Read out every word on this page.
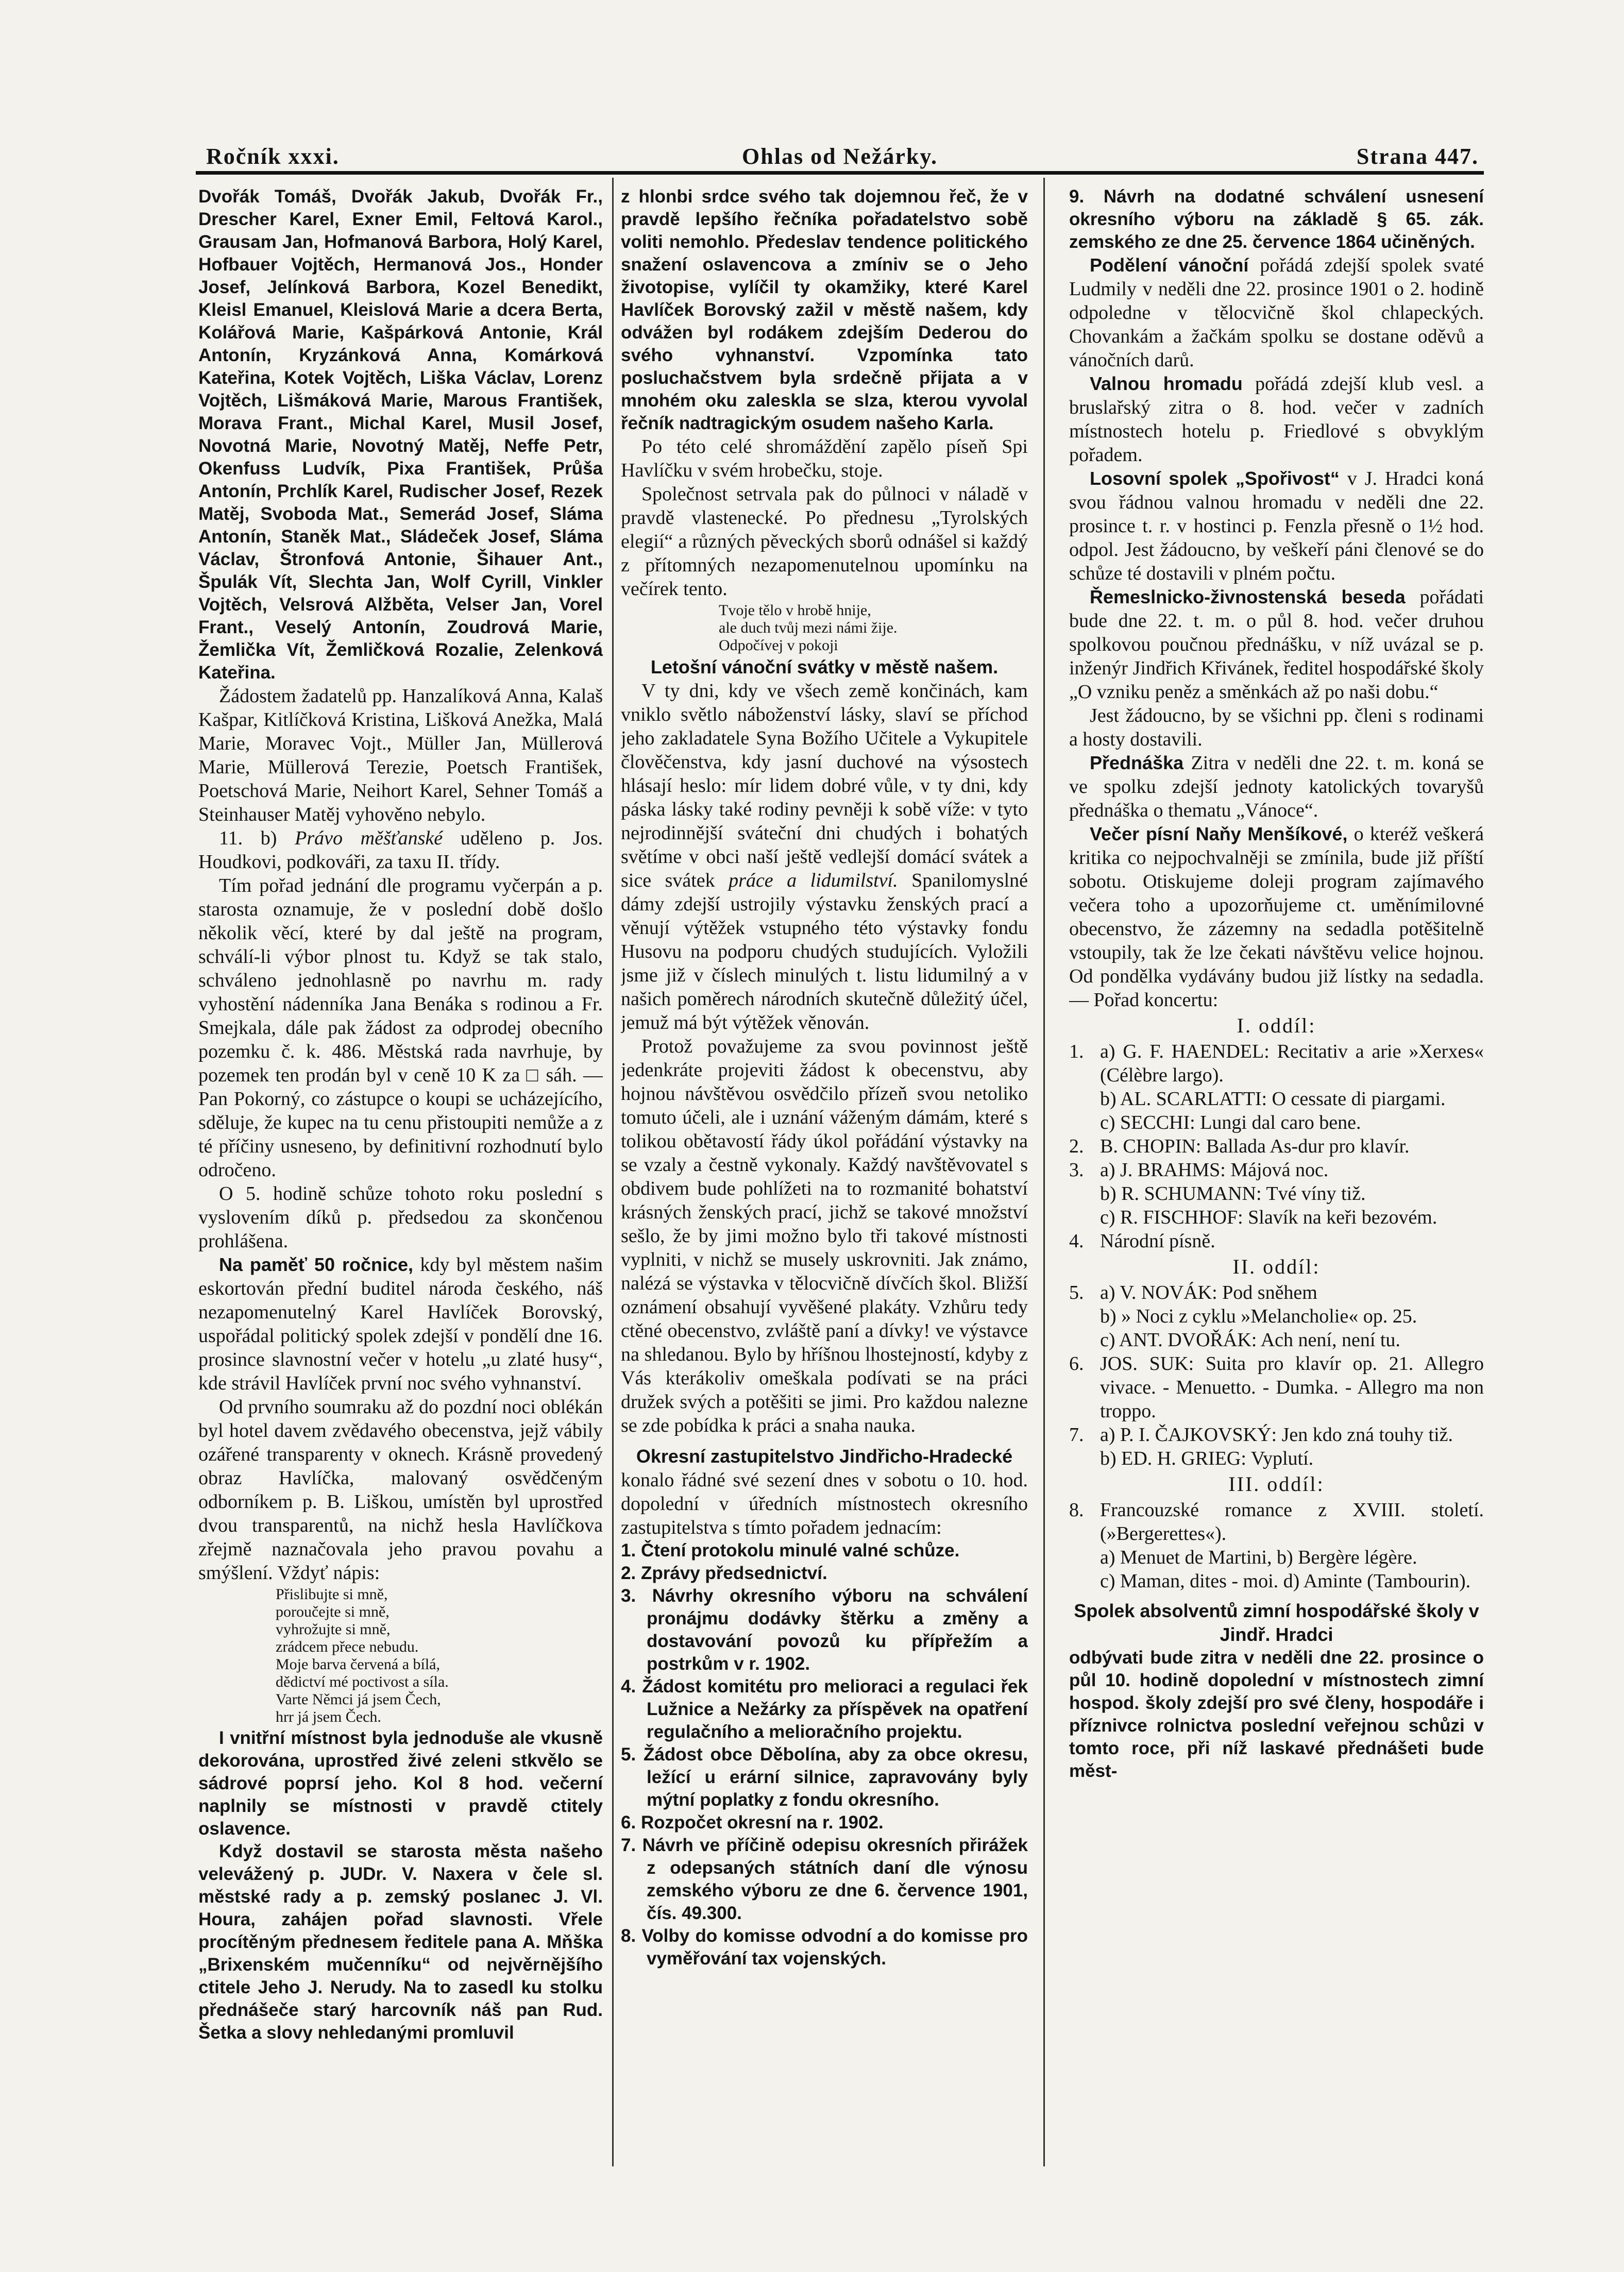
Ročník xxxi.	Ohlas od Nežárky.	Strana 447.

Dvořák Tomáš, Dvořák Jakub, Dvořák Fr., Drescher Karel, Exner Emil, Feltová Karol., Grausam Jan, Hofmanová Barbora, Holý Karel, Hofbauer Vojtěch, Hermanová Jos., Honder Josef, Jelínková Barbora, Kozel Benedikt, Kleisl Emanuel, Kleislová Marie a dcera Berta, Kolářová Marie, Kašpárková Antonie, Král Antonín, Kryzánková Anna, Komárková Kateřina, Kotek Vojtěch, Liška Václav, Lorenz Vojtěch, Lišmáková Marie, Marous František, Morava Frant., Michal Karel, Musil Josef, Novotná Marie, Novotný Matěj, Neffe Petr, Okenfuss Ludvík, Pixa František, Průša Antonín, Prchlík Karel, Rudischer Josef, Rezek Matěj, Svoboda Mat., Semerád Josef, Sláma Antonín, Staněk Mat., Sládeček Josef, Sláma Václav, Štronfová Antonie, Šihauer Ant., Špulák Vít, Slechta Jan, Wolf Cyrill, Vinkler Vojtěch, Velsrová Alžběta, Velser Jan, Vorel Frant., Veselý Antonín, Zoudrová Marie, Žemlička Vít, Žemličková Rozalie, Zelenková Kateřina.

Žádostem žadatelů pp. Hanzalíková Anna, Kalaš Kašpar, Kitlíčková Kristina, Lišková Anežka, Malá Marie, Moravec Vojt., Müller Jan, Müllerová Marie, Müllerová Terezie, Poetsch František, Poetschová Marie, Neihort Karel, Sehner Tomáš a Steinhauser Matěj vyhověno nebylo.

11. b) Právo měšťanské uděleno p. Jos. Houdkovi, podkováři, za taxu II. třídy.

Tím pořad jednání dle programu vyčerpán a p. starosta oznamuje, že v poslední době došlo několik věcí, které by dal ještě na program, schválí-li výbor plnost tu. Když se tak stalo, schváleno jednohlasně po navrhu m. rady vyhostění nádenníka Jana Benáka s rodinou a Fr. Smejkala, dále pak žádost za odprodej obecního pozemku č. k. 486. Městská rada navrhuje, by pozemek ten prodán byl v ceně 10 K za □ sáh. — Pan Pokorný, co zástupce o koupi se ucházejícího, sděluje, že kupec na tu cenu přistoupiti nemůže a z té příčiny usneseno, by definitivní rozhodnutí bylo odročeno.

O 5. hodině schůze tohoto roku poslední s vyslovením díků p. předsedou za skončenou prohlášena.

Na paměť 50 ročnice, kdy byl městem našim eskortován přední buditel národa českého, náš nezapomenutelný Karel Havlíček Borovský, uspořádal politický spolek zdejší v pondělí dne 16. prosince slavnostní večer v hotelu „u zlaté husy“, kde strávil Havlíček první noc svého vyhnanství.

Od prvního soumraku až do pozdní noci oblékán byl hotel davem zvědavého obecenstva, jejž vábily ozářené transparenty v oknech. Krásně provedený obraz Havlíčka, malovaný osvědčeným odborníkem p. B. Liškou, umístěn byl uprostřed dvou transparentů, na nichž hesla Havlíčkova zřejmě naznačovala jeho pravou povahu a smýšlení. Vždyť nápis:

Přislibujte si mně,
poroučejte si mně,
vyhrožujte si mně,
zrádcem přece nebudu.
Moje barva červená a bílá,
dědictví mé poctivost a síla.
Varte Němci já jsem Čech,
hrr já jsem Čech.

I vnitřní místnost byla jednoduše ale vkusně dekorována, uprostřed živé zeleni stkvělo se sádrové poprsí jeho. Kol 8 hod. večerní naplnily se místnosti v pravdě ctitely oslavence.

Když dostavil se starosta města našeho velevážený p. JUDr. V. Naxera v čele sl. městské rady a p. zemský poslanec J. Vl. Houra, zahájen pořad slavnosti. Vřele procítěným přednesem ředitele pana A. Mňška „Brixenském mučenníku“ od nejvěrnějšího ctitele Jeho J. Nerudy. Na to zasedl ku stolku přednášeče starý harcovník náš pan Rud. Šetka a slovy nehledanými promluvil

z hlonbi srdce svého tak dojemnou řeč, že v pravdě lepšího řečníka pořadatelstvo sobě voliti nemohlo. Předeslav tendence politického snažení oslavencova a zmíniv se o Jeho životopise, vylíčil ty okamžiky, které Karel Havlíček Borovský zažil v městě našem, kdy odvážen byl rodákem zdejším Dederou do svého vyhnanství. Vzpomínka tato posluchačstvem byla srdečně přijata a v mnohém oku zaleskla se slza, kterou vyvolal řečník nadtragickým osudem našeho Karla.

Po této celé shromáždění zapělo píseň Spi Havlíčku v svém hrobečku, stoje.

Společnost setrvala pak do půlnoci v náladě v pravdě vlastenecké. Po přednesu „Tyrolských elegií“ a různých pěveckých sborů odnášel si každý z přítomných nezapomenutelnou upomínku na večírek tento.

Tvoje tělo v hrobě hnije,
ale duch tvůj mezi námi žije.
Odpočívej v pokoji

Letošní vánoční svátky v městě našem.

V ty dni, kdy ve všech země končinách, kam vniklo světlo náboženství lásky, slaví se příchod jeho zakladatele Syna Božího Učitele a Vykupitele člověčenstva, kdy jasní duchové na výsostech hlásají heslo: mír lidem dobré vůle, v ty dni, kdy páska lásky také rodiny pevněji k sobě víže: v tyto nejrodinnější sváteční dni chudých i bohatých světíme v obci naší ještě vedlejší domácí svátek a sice svátek práce a lidumilství. Spanilomyslné dámy zdejší ustrojily výstavku ženských prací a věnují výtěžek vstupného této výstavky fondu Husovu na podporu chudých studujících. Vyložili jsme již v číslech minulých t. listu lidumilný a v našich poměrech národních skutečně důležitý účel, jemuž má být výtěžek věnován.

Protož považujeme za svou povinnost ještě jedenkráte projeviti žádost k obecenstvu, aby hojnou návštěvou osvědčilo přízeň svou netoliko tomuto účeli, ale i uznání váženým dámám, které s tolikou obětavostí řády úkol pořádání výstavky na se vzaly a čestně vykonaly. Každý navštěvovatel s obdivem bude pohlížeti na to rozmanité bohatství krásných ženských prací, jichž se takové množství sešlo, že by jimi možno bylo tři takové místnosti vyplniti, v nichž se musely uskrovniti. Jak známo, nalézá se výstavka v tělocvičně dívčích škol. Bližší oznámení obsahují vyvěšené plakáty. Vzhůru tedy ctěné obecenstvo, zvláště paní a dívky! ve výstavce na shledanou. Bylo by hříšnou lhostejností, kdyby z Vás kterákoliv omeškala podívati se na práci družek svých a potěšiti se jimi. Pro každou nalezne se zde pobídka k práci a snaha nauka.

Okresní zastupitelstvo Jindřicho-Hradecké

konalo řádné své sezení dnes v sobotu o 10. hod. dopolední v úředních místnostech okresního zastupitelstva s tímto pořadem jednacím:

1. Čtení protokolu minulé valné schůze.
2. Zprávy předsednictví.
3. Návrhy okresního výboru na schválení pronájmu dodávky štěrku a změny a dostavování povozů ku přípřežím a postrkům v r. 1902.
4. Žádost komitétu pro melioraci a regulaci řek Lužnice a Nežárky za příspěvek na opatření regulačního a melioračního projektu.
5. Žádost obce Děbolína, aby za obce okresu, ležící u erární silnice, zapravovány byly mýtní poplatky z fondu okresního.
6. Rozpočet okresní na r. 1902.
7. Návrh ve příčině odepisu okresních přirážek z odepsaných státních daní dle výnosu zemského výboru ze dne 6. července 1901, čís. 49.300.
8. Volby do komisse odvodní a do komisse pro vyměřování tax vojenských.

9. Návrh na dodatné schválení usnesení okresního výboru na základě § 65. zák. zemského ze dne 25. července 1864 učiněných.

Podělení vánoční pořádá zdejší spolek svaté Ludmily v neděli dne 22. prosince 1901 o 2. hodině odpoledne v tělocvičně škol chlapeckých. Chovankám a žačkám spolku se dostane oděvů a vánočních darů.

Valnou hromadu pořádá zdejší klub vesl. a bruslařský zitra o 8. hod. večer v zadních místnostech hotelu p. Friedlové s obvyklým pořadem.

Losovní spolek „Spořivost“ v J. Hradci koná svou řádnou valnou hromadu v neděli dne 22. prosince t. r. v hostinci p. Fenzla přesně o 1½ hod. odpol. Jest žádoucno, by veškeří páni členové se do schůze té dostavili v plném počtu.

Řemeslnicko-živnostenská beseda pořádati bude dne 22. t. m. o půl 8. hod. večer druhou spolkovou poučnou přednášku, v níž uvázal se p. inženýr Jindřich Křivánek, ředitel hospodářské školy „O vzniku peněz a směnkách až po naši dobu.“

Jest žádoucno, by se všichni pp. členi s rodinami a hosty dostavili.

Přednáška Zitra v neděli dne 22. t. m. koná se ve spolku zdejší jednoty katolických tovaryšů přednáška o thematu „Vánoce“.

Večer písní Naňy Menšíkové, o kteréž veškerá kritika co nejpochvalněji se zmínila, bude již příští sobotu. Otiskujeme doleji program zajímavého večera toho a upozorňujeme ct. uměnímilovné obecenstvo, že zázemny na sedadla potěšitelně vstoupily, tak že lze čekati návštěvu velice hojnou. Od pondělka vydávány budou již lístky na sedadla. — Pořad koncertu:

I. oddíl:

1. a) G. F. HAENDEL: Recitativ a arie »Xerxes« (Célèbre largo).

b) AL. SCARLATTI: O cessate di piargami.

c) SECCHI: Lungi dal caro bene.

2. B. CHOPIN: Ballada As-dur pro klavír.

3. a) J. BRAHMS: Májová noc.

b) R. SCHUMANN: Tvé víny tiž.

c) R. FISCHHOF: Slavík na keři bezovém.

4. Národní písně.

II. oddíl:

5. a) V. NOVÁK: Pod sněhem

b) » Noci z cyklu »Melancholie« op. 25.

c) ANT. DVOŘÁK: Ach není, není tu.

6. JOS. SUK: Suita pro klavír op. 21. Allegro vivace. - Menuetto. - Dumka. - Allegro ma non troppo.

7. a) P. I. ČAJKOVSKÝ: Jen kdo zná touhy tiž.

b) ED. H. GRIEG: Vyplutí.

III. oddíl:

8. Francouzské romance z XVIII. století. (»Bergerettes«).

a) Menuet de Martini, b) Bergère légère.

c) Maman, dites - moi. d) Aminte (Tambourin).

Spolek absolventů zimní hospodářské školy v Jindř. Hradci

odbývati bude zitra v neděli dne 22. prosince o půl 10. hodině dopolední v místnostech zimní hospod. školy zdejší pro své členy, hospodáře i příznivce rolnictva poslední veřejnou schůzi v tomto roce, při níž laskavé přednášeti bude měst-
